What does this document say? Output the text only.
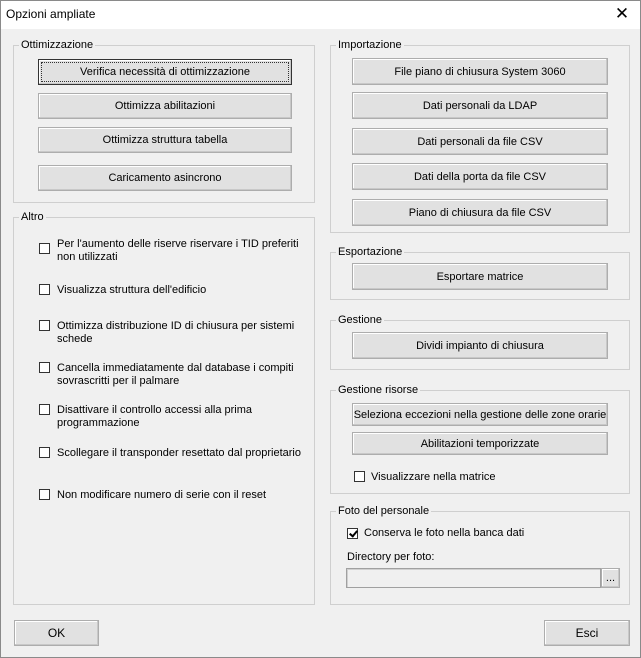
Opzioni ampliate	✕
Ottimizzazione
Verifica necessità di ottimizzazione
Ottimizza abilitazioni
Ottimizza struttura tabella
Caricamento asincrono
Altro
Per l'aumento delle riserve riservare i TID preferiti non utilizzati
Visualizza struttura dell'edificio
Ottimizza distribuzione ID di chiusura per sistemi schede
Cancella immediatamente dal database i compiti sovrascritti per il palmare
Disattivare il controllo accessi alla prima programmazione
Scollegare il transponder resettato dal proprietario
Non modificare numero di serie con il reset
Importazione
File piano di chiusura System 3060
Dati personali da LDAP
Dati personali da file CSV
Dati della porta da file CSV
Piano di chiusura da file CSV
Esportazione
Esportare matrice
Gestione
Dividi impianto di chiusura
Gestione risorse
Seleziona eccezioni nella gestione delle zone orarie
Abilitazioni temporizzate
Visualizzare nella matrice
Foto del personale
Conserva le foto nella banca dati
Directory per foto:
...
OK	Esci
